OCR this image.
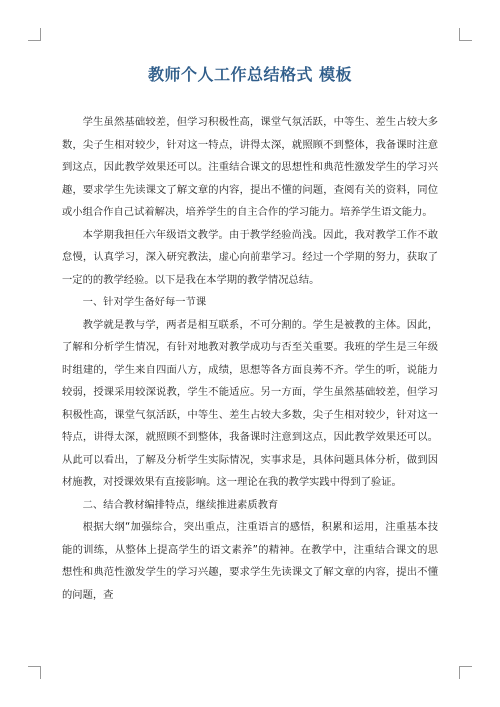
教师个人工作总结格式 模板

学生虽然基础较差，但学习积极性高，课堂气氛活跃，中等生、差生占较大多数，尖子生相对较少，针对这一特点，讲得太深，就照顾不到整体，我备课时注意到这点，因此教学效果还可以。注重结合课文的思想性和典范性激发学生的学习兴趣，要求学生先读课文了解文章的内容，提出不懂的问题，查阅有关的资料，同位或小组合作自己试着解决，培养学生的自主合作的学习能力。培养学生语文能力。

本学期我担任六年级语文教学。由于教学经验尚浅。因此，我对教学工作不敢怠慢，认真学习，深入研究教法，虚心向前辈学习。经过一个学期的努力，获取了一定的的教学经验。以下是我在本学期的教学情况总结。

一、针对学生备好每一节课

教学就是教与学，两者是相互联系，不可分割的。学生是被教的主体。因此，了解和分析学生情况，有针对地教对教学成功与否至关重要。我班的学生是三年级时组建的，学生来自四面八方，成绩，思想等各方面良莠不齐。学生的听，说能力较弱，授课采用较深说教，学生不能适应。另一方面，学生虽然基础较差，但学习积极性高，课堂气氛活跃，中等生、差生占较大多数，尖子生相对较少，针对这一特点，讲得太深，就照顾不到整体，我备课时注意到这点，因此教学效果还可以。从此可以看出，了解及分析学生实际情况，实事求是，具体问题具体分析，做到因材施教，对授课效果有直接影响。这一理论在我的教学实践中得到了验证。

二、结合教材编排特点，继续推进素质教育

根据大纲“加强综合，突出重点，注重语言的感悟，积累和运用，注重基本技能的训练，从整体上提高学生的语文素养”的精神。在教学中，注重结合课文的思想性和典范性激发学生的学习兴趣，要求学生先读课文了解文章的内容，提出不懂的问题，查
